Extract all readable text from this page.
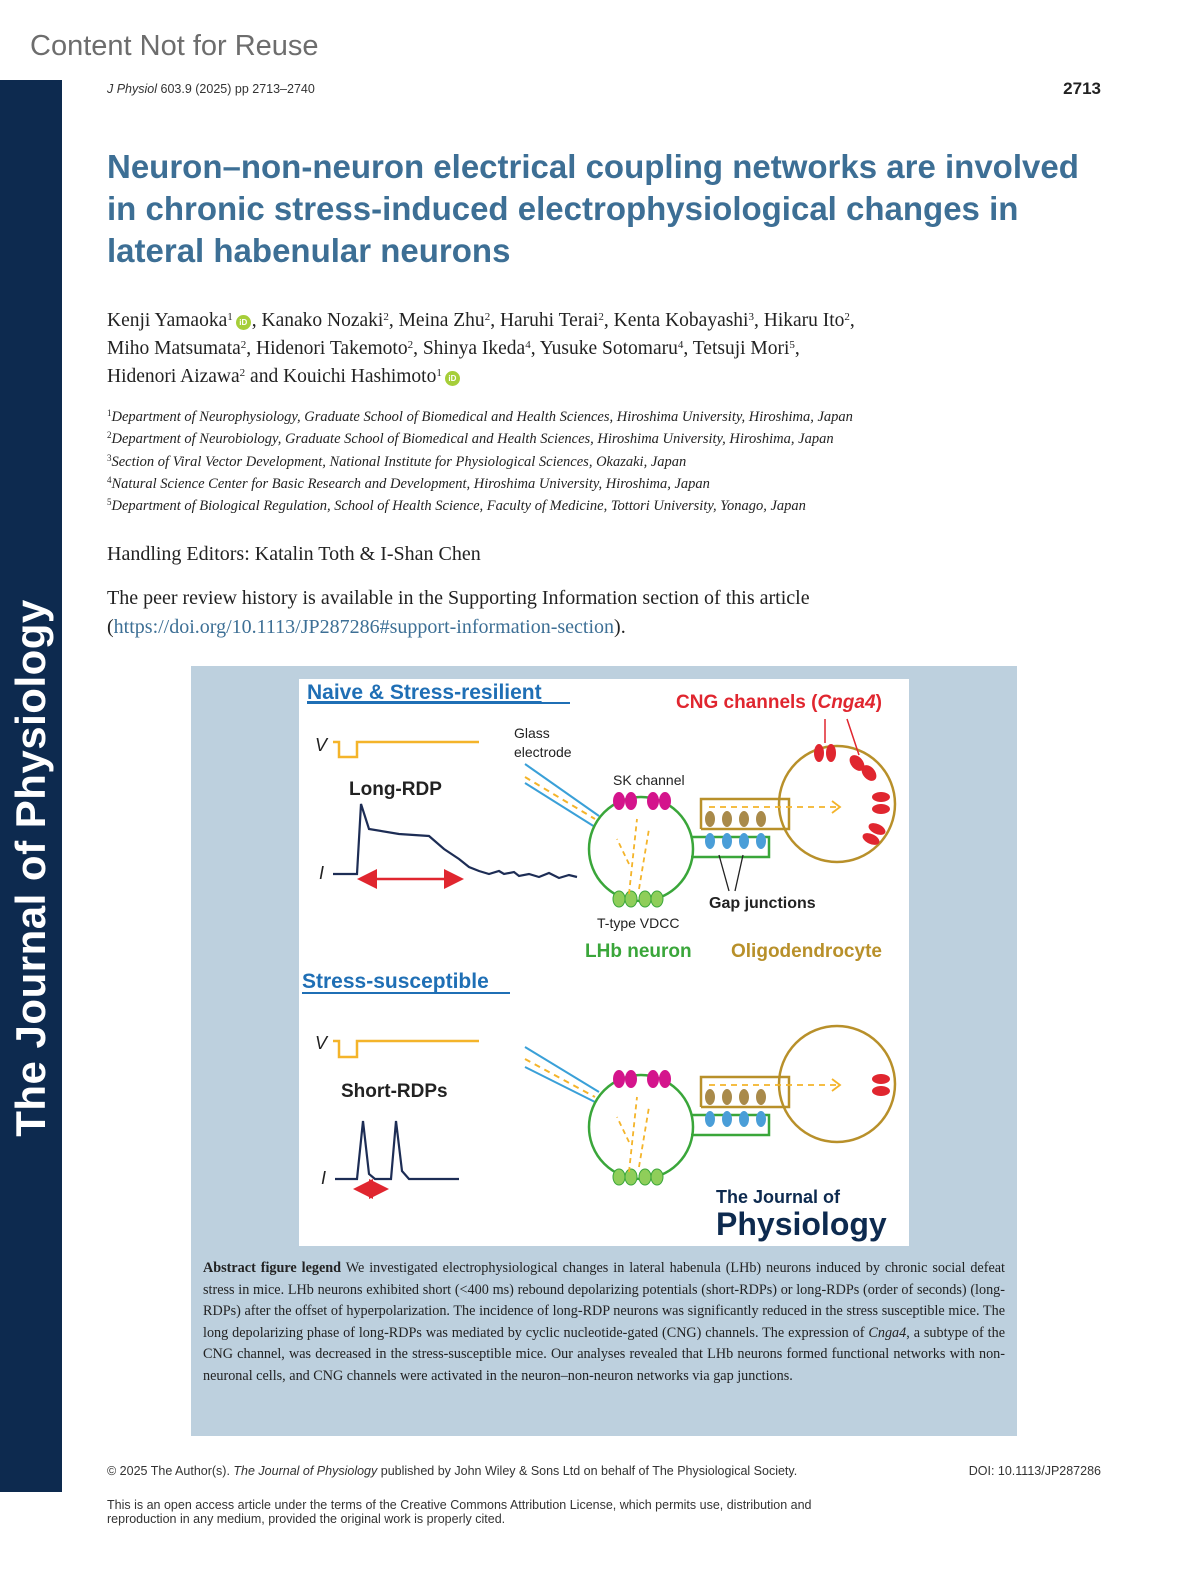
Content Not for Reuse
The Journal of Physiology
J Physiol 603.9 (2025) pp 2713–2740	2713
Neuron–non-neuron electrical coupling networks are involved in chronic stress-induced electrophysiological changes in lateral habenular neurons
Kenji Yamaoka$^1$ iD , Kanako Nozaki$^2$, Meina Zhu$^2$, Haruhi Terai$^2$, Kenta Kobayashi$^3$, Hikaru Ito$^2$,
Miho Matsumata$^2$, Hidenori Takemoto$^2$, Shinya Ikeda$^4$, Yusuke Sotomaru$^4$, Tetsuji Mori$^5$,
Hidenori Aizawa$^2$ and Kouichi Hashimoto$^1$ iD
$^1$Department of Neurophysiology, Graduate School of Biomedical and Health Sciences, Hiroshima University, Hiroshima, Japan
$^2$Department of Neurobiology, Graduate School of Biomedical and Health Sciences, Hiroshima University, Hiroshima, Japan
$^3$Section of Viral Vector Development, National Institute for Physiological Sciences, Okazaki, Japan
$^4$Natural Science Center for Basic Research and Development, Hiroshima University, Hiroshima, Japan
$^5$Department of Biological Regulation, School of Health Science, Faculty of Medicine, Tottori University, Yonago, Japan
Handling Editors: Katalin Toth & I-Shan Chen
The peer review history is available in the Supporting Information section of this article
(https://doi.org/10.1113/JP287286#support-information-section).
Naive & Stress-resilient	CNG channels (Cnga4)
V
Long-RDP
I
Glass
electrode
SK channel
T-type VDCC
Gap junctions
LHb neuron Oligodendrocyte
Stress-susceptible
V
Short-RDPs
I
The Journal of
Physiology
Abstract figure legend We investigated electrophysiological changes in lateral habenula (LHb) neurons induced by chronic social defeat stress in mice. LHb neurons exhibited short (<400 ms) rebound depolarizing potentials (short-RDPs) or long-RDPs (order of seconds) (long-RDPs) after the offset of hyperpolarization. The incidence of long-RDP neurons was significantly reduced in the stress susceptible mice. The long depolarizing phase of long-RDPs was mediated by cyclic nucleotide-gated (CNG) channels. The expression of Cnga4, a subtype of the CNG channel, was decreased in the stress-susceptible mice. Our analyses revealed that LHb neurons formed functional networks with non-neuronal cells, and CNG channels were activated in the neuron–non-neuron networks via gap junctions.
© 2025 The Author(s). The Journal of Physiology published by John Wiley & Sons Ltd on behalf of The Physiological Society.	DOI: 10.1113/JP287286
This is an open access article under the terms of the Creative Commons Attribution License, which permits use, distribution and reproduction in any medium, provided the original work is properly cited.
